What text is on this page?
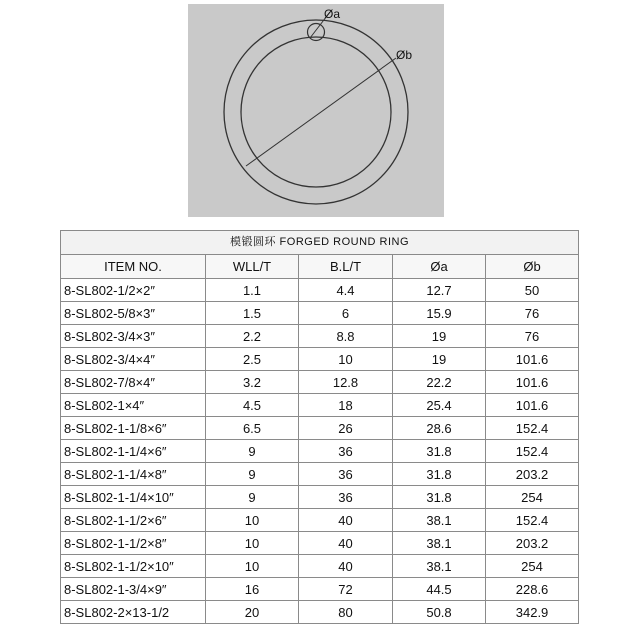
Øa
Øb
模锻圆环 FORGED ROUND RING				
ITEM NO.	WLL/T	B.L/T	Øa	Øb
8-SL802-1/2×2″	1.1	4.4	12.7	50
8-SL802-5/8×3″	1.5	6	15.9	76
8-SL802-3/4×3″	2.2	8.8	19	76
8-SL802-3/4×4″	2.5	10	19	101.6
8-SL802-7/8×4″	3.2	12.8	22.2	101.6
8-SL802-1×4″	4.5	18	25.4	101.6
8-SL802-1-1/8×6″	6.5	26	28.6	152.4
8-SL802-1-1/4×6″	9	36	31.8	152.4
8-SL802-1-1/4×8″	9	36	31.8	203.2
8-SL802-1-1/4×10″	9	36	31.8	254
8-SL802-1-1/2×6″	10	40	38.1	152.4
8-SL802-1-1/2×8″	10	40	38.1	203.2
8-SL802-1-1/2×10″	10	40	38.1	254
8-SL802-1-3/4×9″	16	72	44.5	228.6
8-SL802-2×13-1/2	20	80	50.8	342.9
